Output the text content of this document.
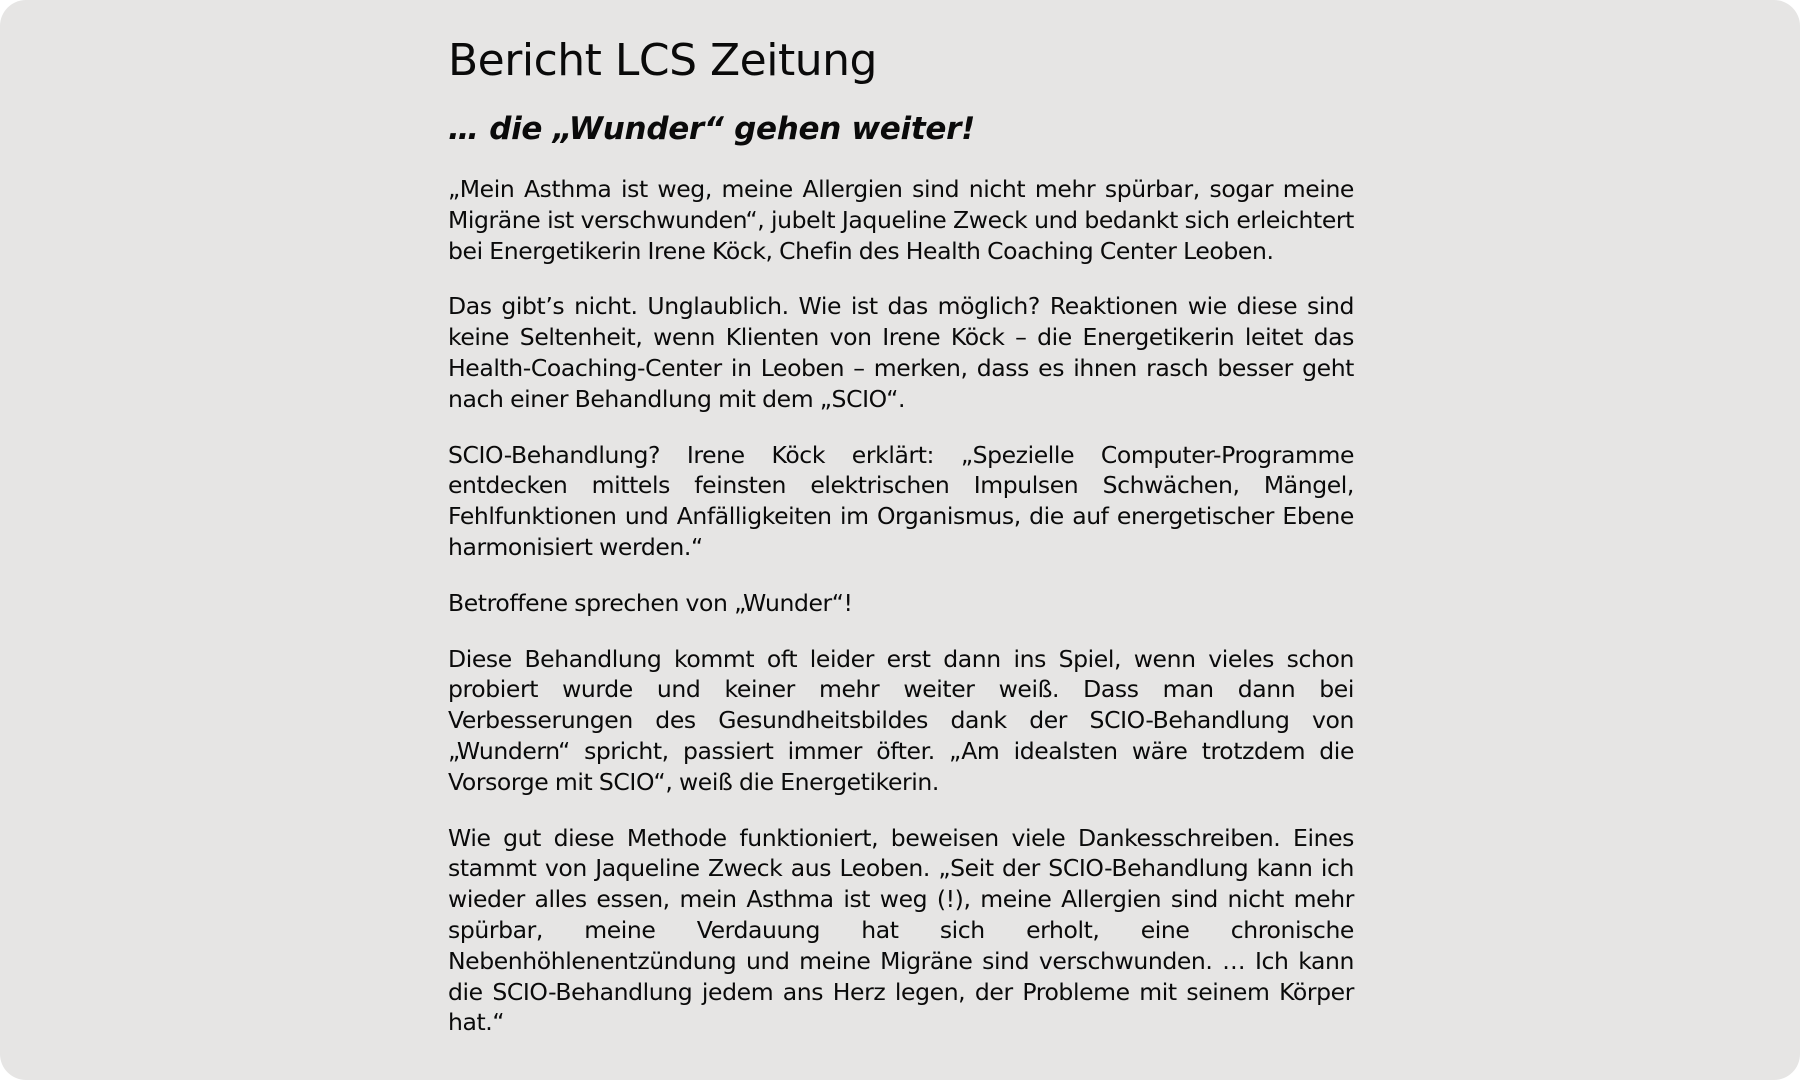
Bericht LCS Zeitung
… die „Wunder“ gehen weiter!

„Mein Asthma ist weg, meine Allergien sind nicht mehr spürbar, sogar meine Migräne ist verschwunden“, jubelt Jaqueline Zweck und bedankt sich erleichtert bei Energetikerin Irene Köck, Chefin des Health Coaching Center Leoben.

Das gibt’s nicht. Unglaublich. Wie ist das möglich? Reaktionen wie diese sind keine Seltenheit, wenn Klienten von Irene Köck – die Energetikerin leitet das Health-Coaching-Center in Leoben – merken, dass es ihnen rasch besser geht nach einer Behandlung mit dem „SCIO“.

SCIO-Behandlung? Irene Köck erklärt: „Spezielle Computer-Programme entdecken mittels feinsten elektrischen Impulsen Schwächen, Mängel, Fehlfunktionen und Anfälligkeiten im Organismus, die auf energetischer Ebene harmonisiert werden.“

Betroffene sprechen von „Wunder“!

Diese Behandlung kommt oft leider erst dann ins Spiel, wenn vieles schon probiert wurde und keiner mehr weiter weiß. Dass man dann bei Verbesserungen des Gesundheitsbildes dank der SCIO-Behandlung von „Wundern“ spricht, passiert immer öfter. „Am idealsten wäre trotzdem die Vorsorge mit SCIO“, weiß die Energetikerin.

Wie gut diese Methode funktioniert, beweisen viele Dankesschreiben. Eines stammt von Jaqueline Zweck aus Leoben. „Seit der SCIO-Behandlung kann ich wieder alles essen, mein Asthma ist weg (!), meine Allergien sind nicht mehr spürbar, meine Verdauung hat sich erholt, eine chronische Nebenhöhlenentzündung und meine Migräne sind verschwunden. … Ich kann die SCIO-Behandlung jedem ans Herz legen, der Probleme mit seinem Körper hat.“
